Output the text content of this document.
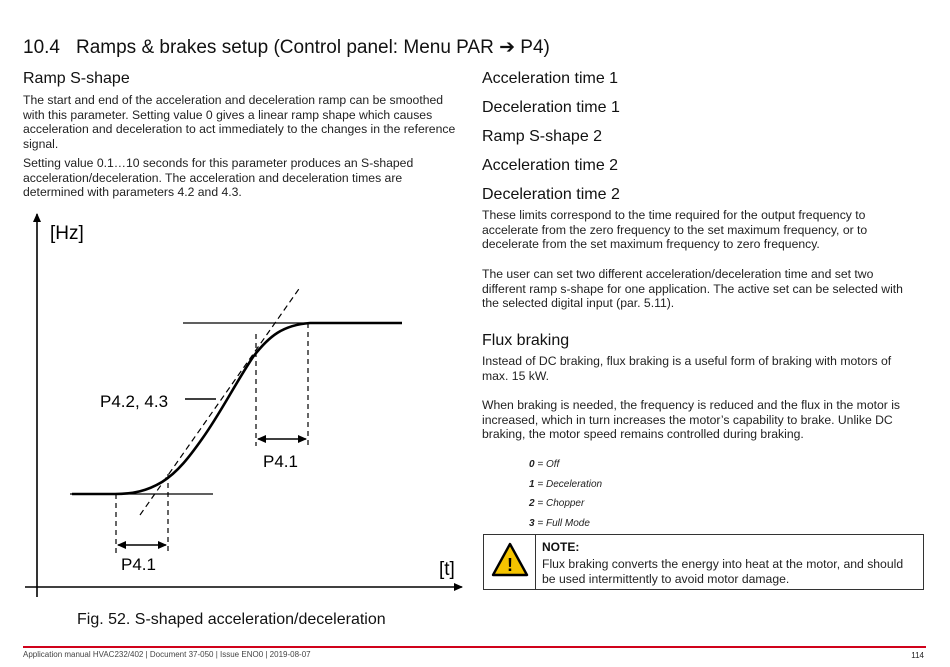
10.4 Ramps & brakes setup (Control panel: Menu PAR ➔ P4)
Ramp S-shape

The start and end of the acceleration and deceleration ramp can be smoothed with this parameter. Setting value 0 gives a linear ramp shape which causes acceleration and deceleration to act immediately to the changes in the reference signal.

Setting value 0.1…10 seconds for this parameter produces an S-shaped acceleration/deceleration. The acceleration and deceleration times are determined with parameters 4.2 and 4.3.

[Hz]
[t]
P4.2, 4.3
P4.1
P4.1
Fig. 52. S-shaped acceleration/deceleration
Acceleration time 1
Deceleration time 1
Ramp S-shape 2
Acceleration time 2
Deceleration time 2

These limits correspond to the time required for the output frequency to accelerate from the zero frequency to the set maximum frequency, or to decelerate from the set maximum frequency to zero frequency.

The user can set two different acceleration/deceleration time and set two different ramp s-shape for one application. The active set can be selected with the selected digital input (par. 5.11).

Flux braking

Instead of DC braking, flux braking is a useful form of braking with motors of max. 15 kW.

When braking is needed, the frequency is reduced and the flux in the motor is increased, which in turn increases the motor’s capability to brake. Unlike DC braking, the motor speed remains controlled during braking.

0 = Off
1 = Deceleration
2 = Chopper
3 = Full Mode
!
NOTE:
Flux braking converts the energy into heat at the motor, and should be used intermittently to avoid motor damage.
Application manual HVAC232/402 | Document 37-050 | Issue ENO0 | 2019-08-07	114
